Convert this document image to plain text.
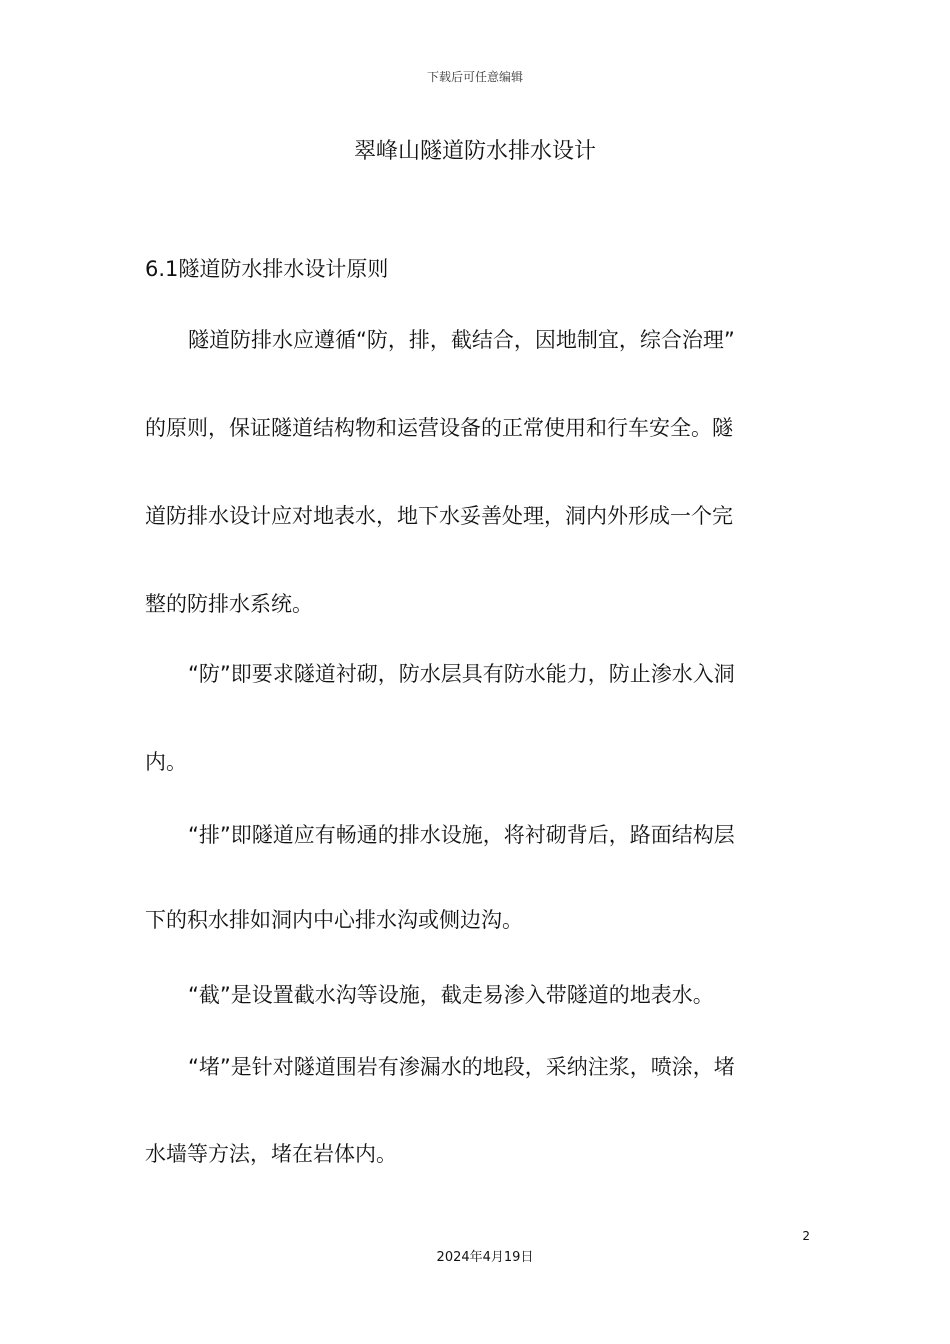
下载后可任意编辑
翠峰山隧道防水排水设计
6.1隧道防水排水设计原则
隧道防排水应遵循“防，排，截结合，因地制宜，综合治理”
的原则，保证隧道结构物和运营设备的正常使用和行车安全。隧
道防排水设计应对地表水，地下水妥善处理，洞内外形成一个完
整的防排水系统。
“防”即要求隧道衬砌，防水层具有防水能力，防止渗水入洞
内。
“排”即隧道应有畅通的排水设施，将衬砌背后，路面结构层
下的积水排如洞内中心排水沟或侧边沟。
“截”是设置截水沟等设施，截走易渗入带隧道的地表水。
“堵”是针对隧道围岩有渗漏水的地段，采纳注浆，喷涂，堵
水墙等方法，堵在岩体内。
2
2024年4月19日
